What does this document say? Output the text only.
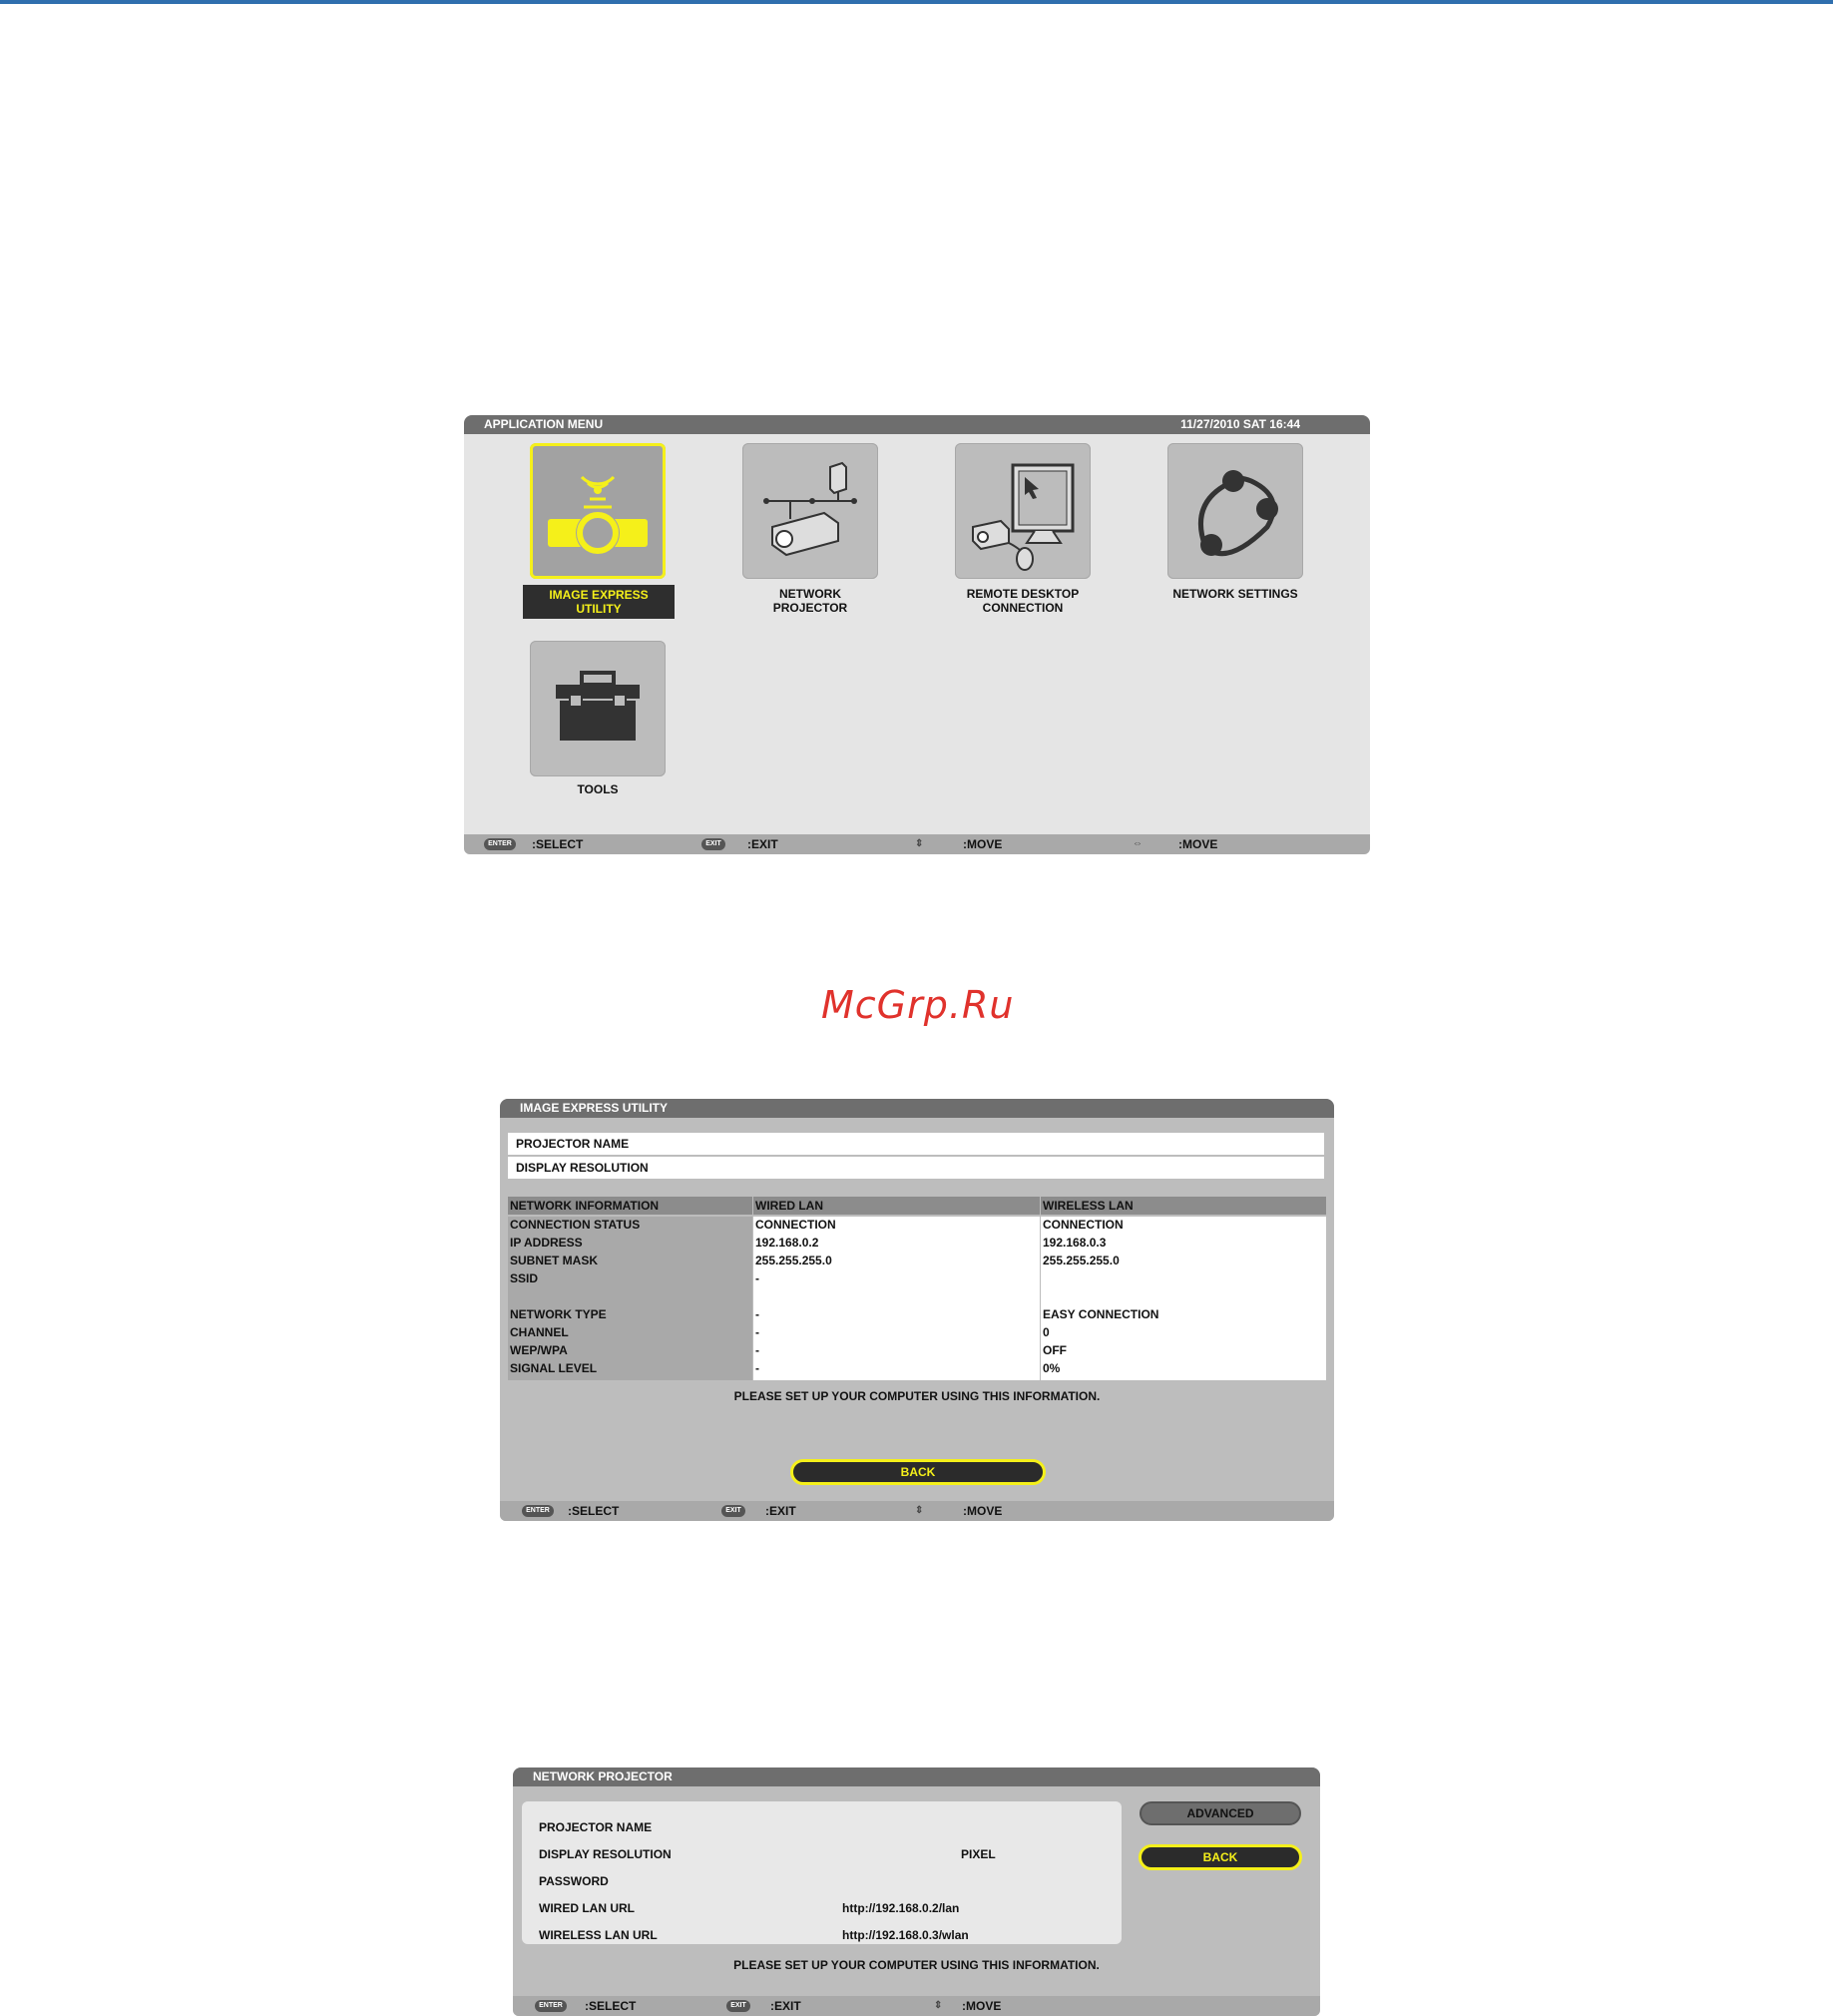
APPLICATION MENU	11/27/2010 SAT 16:44
IMAGE EXPRESS
UTILITY
NETWORK
PROJECTOR
REMOTE DESKTOP
CONNECTION
NETWORK SETTINGS
TOOLS
ENTER	:SELECT	EXIT	:EXIT	⇕	:MOVE	⇔	:MOVE
McGrp.Ru
IMAGE EXPRESS UTILITY
PROJECTOR NAME
DISPLAY RESOLUTION
NETWORK INFORMATION	WIRED LAN	WIRELESS LAN
CONNECTION STATUS	CONNECTION	CONNECTION
IP ADDRESS	192.168.0.2	192.168.0.3
SUBNET MASK	255.255.255.0	255.255.255.0
SSID	-
NETWORK TYPE	-	EASY CONNECTION
CHANNEL	-	0
WEP/WPA	-	OFF
SIGNAL LEVEL	-	0%
PLEASE SET UP YOUR COMPUTER USING THIS INFORMATION.
BACK
ENTER	:SELECT	EXIT	:EXIT	⇕	:MOVE
NETWORK PROJECTOR
PROJECTOR NAME
DISPLAY RESOLUTION	PIXEL
PASSWORD
WIRED LAN URL	http://192.168.0.2/lan
WIRELESS LAN URL	http://192.168.0.3/wlan
ADVANCED
BACK
PLEASE SET UP YOUR COMPUTER USING THIS INFORMATION.
ENTER	:SELECT	EXIT	:EXIT	⇕ :MOVE
